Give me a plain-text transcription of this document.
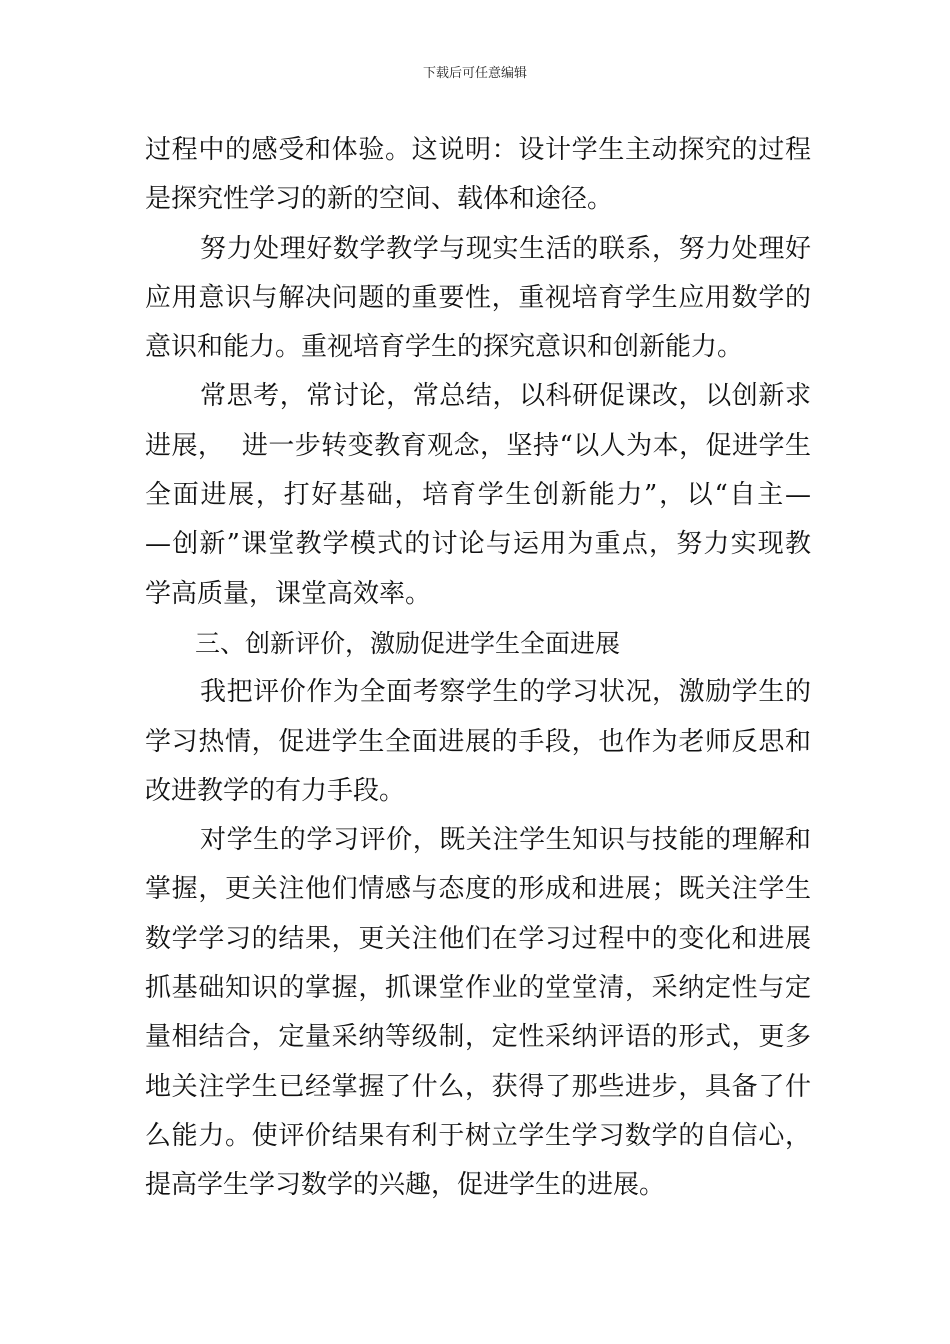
下载后可任意编辑
过程中的感受和体验。这说明：设计学生主动探究的过程
是探究性学习的新的空间、载体和途径。
努力处理好数学教学与现实生活的联系，努力处理好
应用意识与解决问题的重要性，重视培育学生应用数学的
意识和能力。重视培育学生的探究意识和创新能力。
常思考，常讨论，常总结，以科研促课改，以创新求
进展，  进一步转变教育观念，坚持“以人为本，促进学生
全面进展，打好基础，培育学生创新能力”，以“自主—
—创新”课堂教学模式的讨论与运用为重点，努力实现教
学高质量，课堂高效率。
三、创新评价，激励促进学生全面进展
我把评价作为全面考察学生的学习状况，激励学生的
学习热情，促进学生全面进展的手段，也作为老师反思和
改进教学的有力手段。
对学生的学习评价，既关注学生知识与技能的理解和
掌握，更关注他们情感与态度的形成和进展；既关注学生
数学学习的结果，更关注他们在学习过程中的变化和进展
抓基础知识的掌握，抓课堂作业的堂堂清，采纳定性与定
量相结合，定量采纳等级制，定性采纳评语的形式，更多
地关注学生已经掌握了什么，获得了那些进步，具备了什
么能力。使评价结果有利于树立学生学习数学的自信心，
提高学生学习数学的兴趣，促进学生的进展。
